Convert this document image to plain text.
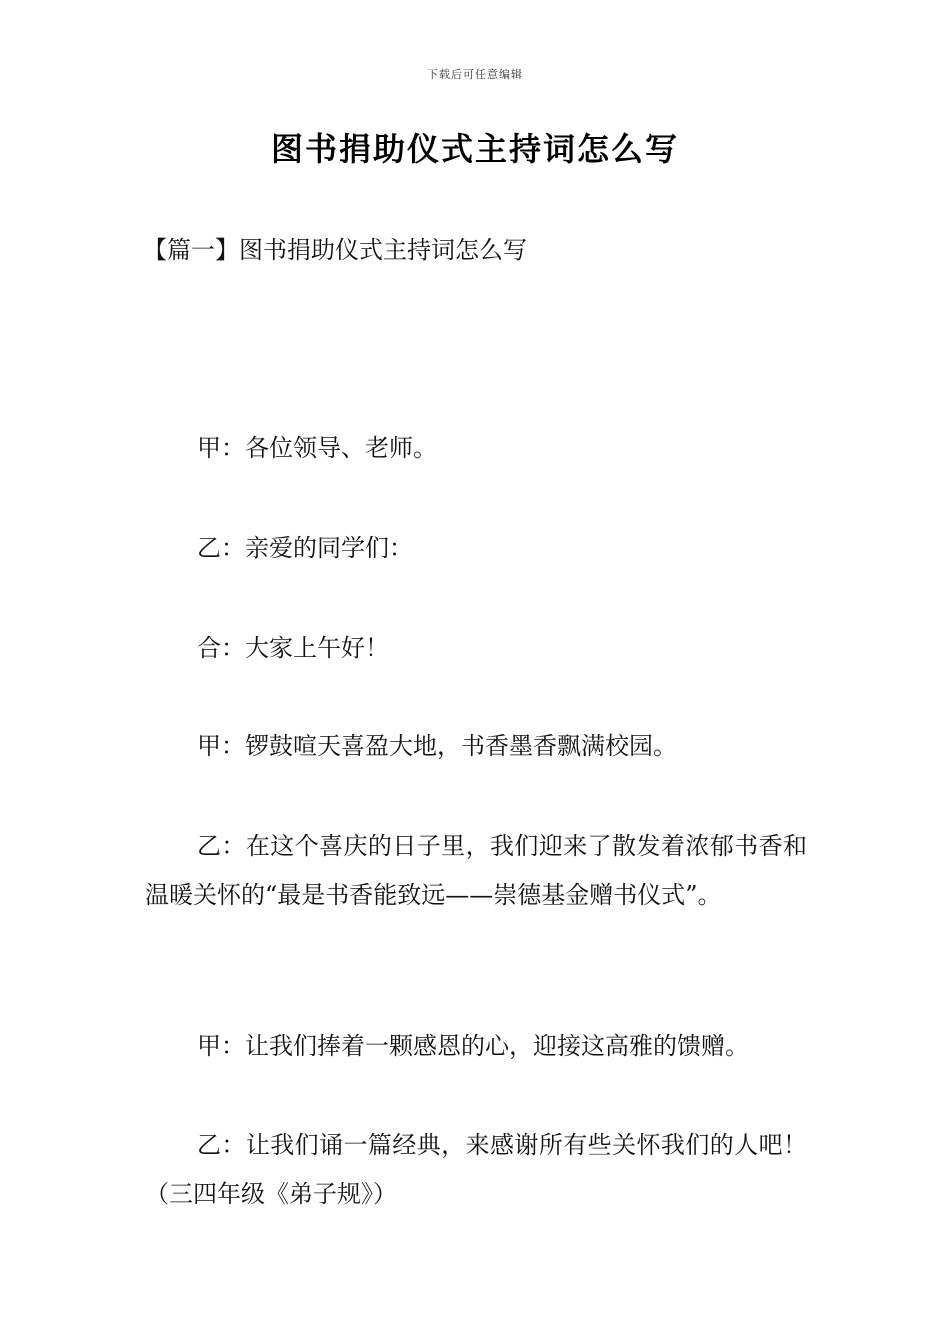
下载后可任意编辑
图书捐助仪式主持词怎么写
【篇一】图书捐助仪式主持词怎么写

甲：各位领导、老师。

乙：亲爱的同学们：

合：大家上午好！

甲：锣鼓喧天喜盈大地，书香墨香飘满校园。

乙：在这个喜庆的日子里，我们迎来了散发着浓郁书香和温暖关怀的“最是书香能致远——崇德基金赠书仪式”。

甲：让我们捧着一颗感恩的心，迎接这高雅的馈赠。

乙：让我们诵一篇经典，来感谢所有些关怀我们的人吧！（三四年级《弟子规》）
